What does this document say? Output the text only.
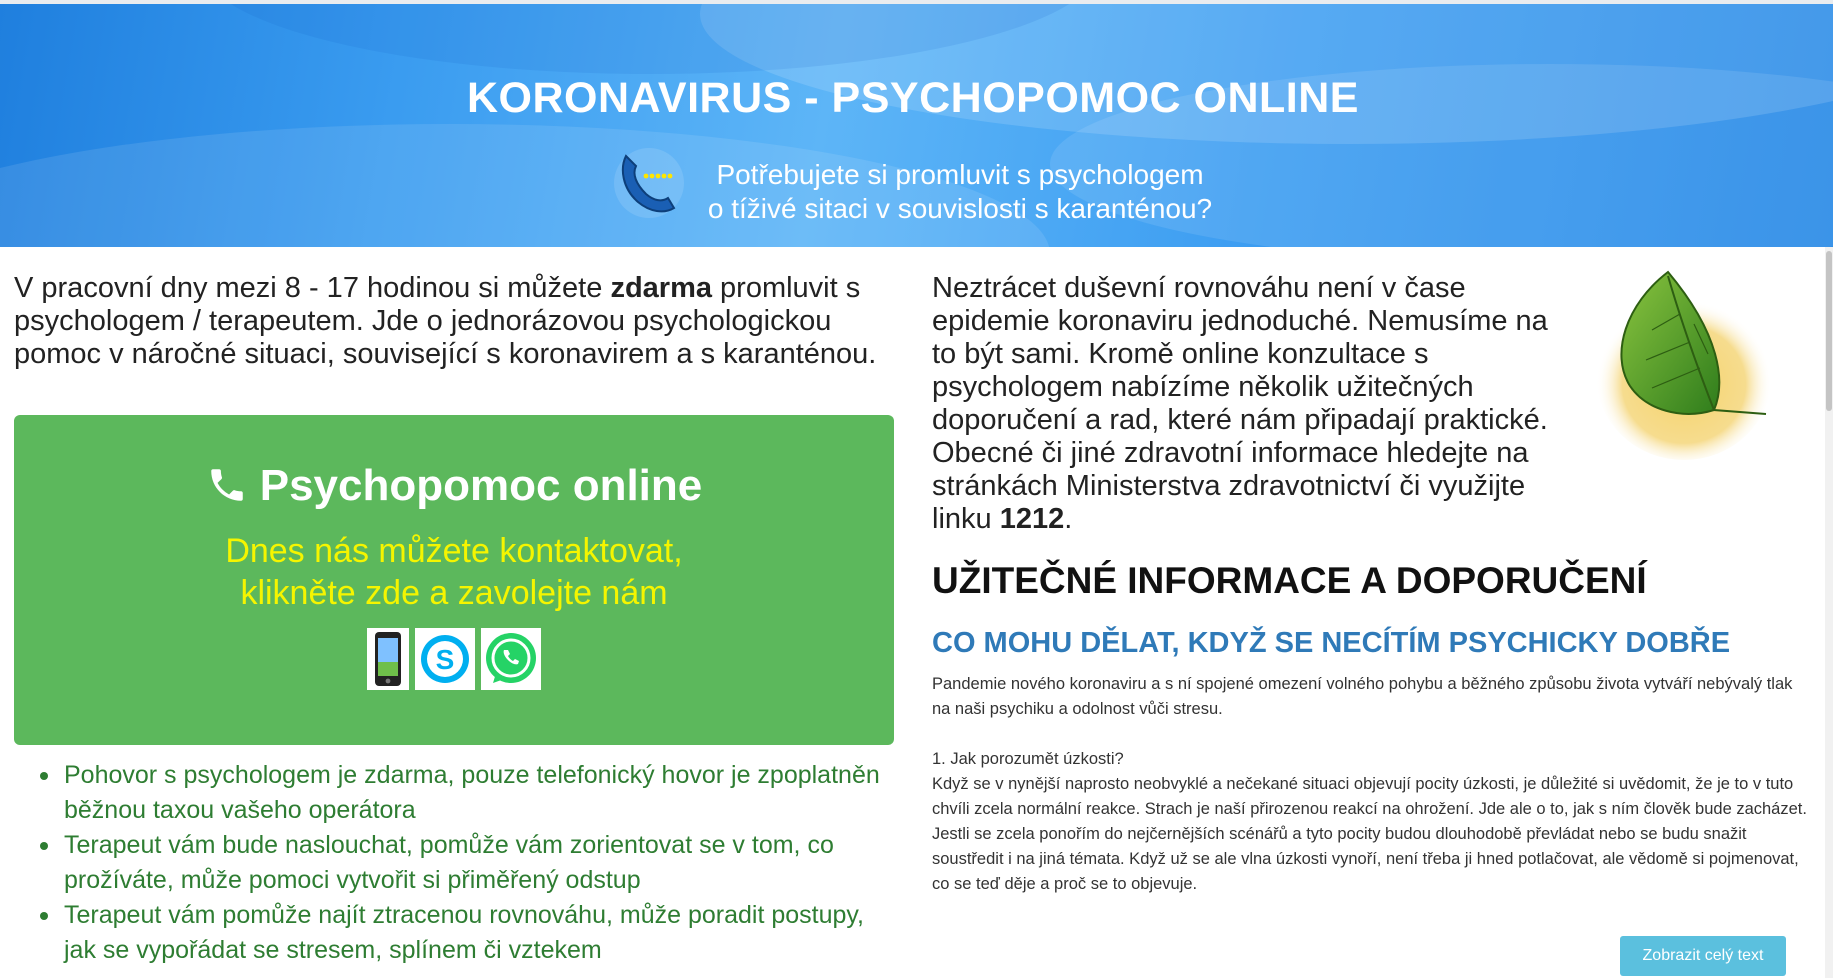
KORONAVIRUS - PSYCHOPOMOC ONLINE
Potřebujete si promluvit s psychologem
o tíživé sitaci v souvislosti s karanténou?

V pracovní dny mezi 8 - 17 hodinou si můžete zdarma promluvit s psychologem / terapeutem. Jde o jednorázovou psychologickou pomoc v náročné situaci, související s koronavirem a s karanténou.

Psychopomoc online
Dnes nás můžete kontaktovat,
klikněte zde a zavolejte nám
S
Pohovor s psychologem je zdarma, pouze telefonický hovor je zpoplatněn běžnou taxou vašeho operátora
Terapeut vám bude naslouchat, pomůže vám zorientovat se v tom, co prožíváte, může pomoci vytvořit si přiměřený odstup
Terapeut vám pomůže najít ztracenou rovnováhu, může poradit postupy, jak se vypořádat se stresem, splínem či vztekem

Neztrácet duševní rovnováhu není v čase epidemie koronaviru jednoduché. Nemusíme na to být sami. Kromě online konzultace s psychologem nabízíme několik užitečných doporučení a rad, které nám připadají praktické. Obecné či jiné zdravotní informace hledejte na stránkách Ministerstva zdravotnictví či využijte linku 1212.

UŽITEČNÉ INFORMACE A DOPORUČENÍ
CO MOHU DĚLAT, KDYŽ SE NECÍTÍM PSYCHICKY DOBŘE

Pandemie nového koronaviru a s ní spojené omezení volného pohybu a běžného způsobu života vytváří nebývalý tlak na naši psychiku a odolnost vůči stresu.

1. Jak porozumět úzkosti?

Když se v nynější naprosto neobvyklé a nečekané situaci objevují pocity úzkosti, je důležité si uvědomit, že je to v tuto chvíli zcela normální reakce. Strach je naší přirozenou reakcí na ohrožení. Jde ale o to, jak s ním člověk bude zacházet. Jestli se zcela ponořím do nejčernějších scénářů a tyto pocity budou dlouhodobě převládat nebo se budu snažit soustředit i na jiná témata. Když už se ale vlna úzkosti vynoří, není třeba ji hned potlačovat, ale vědomě si pojmenovat, co se teď děje a proč se to objevuje.

Zobrazit celý text
